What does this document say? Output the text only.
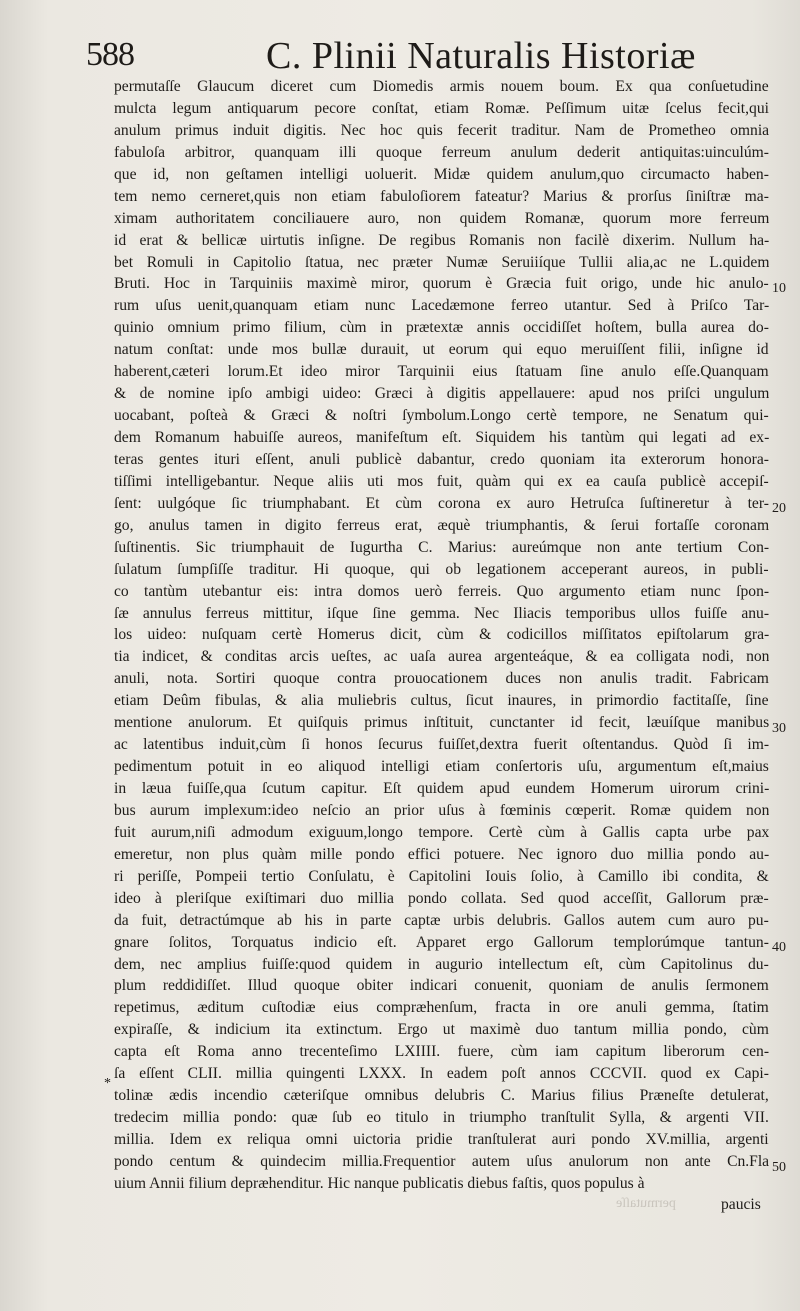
588	C. Plinii Naturalis Historiæ
permutaſſe Glaucum diceret cum Diomedis armis nouem boum. Ex qua conſuetudine
mulcta legum antiquarum pecore conſtat, etiam Romæ. Peſſimum uitæ ſcelus fecit,qui
anulum primus induit digitis. Nec hoc quis fecerit traditur. Nam de Prometheo omnia
fabuloſa arbitror, quanquam illi quoque ferreum anulum dederit antiquitas:uinculúm-
que id, non geſtamen intelligi uoluerit. Midæ quidem anulum,quo circumacto haben-
tem nemo cerneret,quis non etiam fabuloſiorem fateatur? Marius & prorſus ſiniſtræ ma-
ximam authoritatem conciliauere auro, non quidem Romanæ, quorum more ferreum
id erat & bellicæ uirtutis inſigne. De regibus Romanis non facilè dixerim. Nullum ha-
bet Romuli in Capitolio ſtatua, nec præter Numæ Seruiiíque Tullii alia,ac ne L.quidem
Bruti. Hoc in Tarquiniis maximè miror, quorum è Græcia fuit origo, unde hic anulo-
rum uſus uenit,quanquam etiam nunc Lacedæmone ferreo utantur. Sed à Priſco Tar-
quinio omnium primo filium, cùm in prætextæ annis occidiſſet hoſtem, bulla aurea do-
natum conſtat: unde mos bullæ durauit, ut eorum qui equo meruiſſent filii, inſigne id
haberent,cæteri lorum.Et ideo miror Tarquinii eius ſtatuam ſine anulo eſſe.Quanquam
& de nomine ipſo ambigi uideo: Græci à digitis appellauere: apud nos priſci ungulum
uocabant, poſteà & Græci & noſtri ſymbolum.Longo certè tempore, ne Senatum qui-
dem Romanum habuiſſe aureos, manifeſtum eſt. Siquidem his tantùm qui legati ad ex-
teras gentes ituri eſſent, anuli publicè dabantur, credo quoniam ita exterorum honora-
tiſſimi intelligebantur. Neque aliis uti mos fuit, quàm qui ex ea cauſa publicè accepiſ-
ſent: uulgóque ſic triumphabant. Et cùm corona ex auro Hetruſca ſuſtineretur à ter-
go, anulus tamen in digito ferreus erat, æquè triumphantis, & ſerui fortaſſe coronam
ſuſtinentis. Sic triumphauit de Iugurtha C. Marius: aureúmque non ante tertium Con-
ſulatum ſumpſiſſe traditur. Hi quoque, qui ob legationem acceperant aureos, in publi-
co tantùm utebantur eis: intra domos uerò ferreis. Quo argumento etiam nunc ſpon-
ſæ annulus ferreus mittitur, iſque ſine gemma. Nec Iliacis temporibus ullos fuiſſe anu-
los uideo: nuſquam certè Homerus dicit, cùm & codicillos miſſitatos epiſtolarum gra-
tia indicet, & conditas arcis ueſtes, ac uaſa aurea argenteáque, & ea colligata nodi, non
anuli, nota. Sortiri quoque contra prouocationem duces non anulis tradit. Fabricam
etiam Deûm fibulas, & alia muliebris cultus, ſicut inaures, in primordio factitaſſe, ſine
mentione anulorum. Et quiſquis primus inſtituit, cunctanter id fecit, læuíſque manibus
ac latentibus induit,cùm ſi honos ſecurus fuiſſet,dextra fuerit oſtentandus. Quòd ſi im-
pedimentum potuit in eo aliquod intelligi etiam conſertoris uſu, argumentum eſt,maius
in læua fuiſſe,qua ſcutum capitur. Eſt quidem apud eundem Homerum uirorum crini-
bus aurum implexum:ideo neſcio an prior uſus à fœminis cœperit. Romæ quidem non
fuit aurum,niſi admodum exiguum,longo tempore. Certè cùm à Gallis capta urbe pax
emeretur, non plus quàm mille pondo effici potuere. Nec ignoro duo millia pondo au-
ri periſſe, Pompeii tertio Conſulatu, è Capitolini Iouis ſolio, à Camillo ibi condita, &
ideo à pleriſque exiſtimari duo millia pondo collata. Sed quod acceſſit, Gallorum præ-
da fuit, detractúmque ab his in parte captæ urbis delubris. Gallos autem cum auro pu-
gnare ſolitos, Torquatus indicio eſt. Apparet ergo Gallorum templorúmque tantun-
dem, nec amplius fuiſſe:quod quidem in augurio intellectum eſt, cùm Capitolinus du-
plum reddidiſſet. Illud quoque obiter indicari conuenit, quoniam de anulis ſermonem
repetimus, æditum cuſtodiæ eius compræhenſum, fracta in ore anuli gemma, ſtatim
expiraſſe, & indicium ita extinctum. Ergo ut maximè duo tantum millia pondo, cùm
capta eſt Roma anno trecenteſimo LXIIII. fuere, cùm iam capitum liberorum cen-
ſa eſſent CLII. millia quingenti LXXX. In eadem poſt annos CCCVII. quod ex Capi-
tolinæ ædis incendio cæteriſque omnibus delubris C. Marius filius Præneſte detulerat,
tredecim millia pondo: quæ ſub eo titulo in triumpho tranſtulit Sylla, & argenti VII.
millia. Idem ex reliqua omni uictoria pridie tranſtulerat auri pondo XV.millia, argenti
pondo centum & quindecim millia.Frequentior autem uſus anulorum non ante Cn.Fla
uium Annii filium depræhenditur. Hic nanque publicatis diebus faſtis, quos populus à
10
20
30
40
50
*
permutaſſe	paucis
